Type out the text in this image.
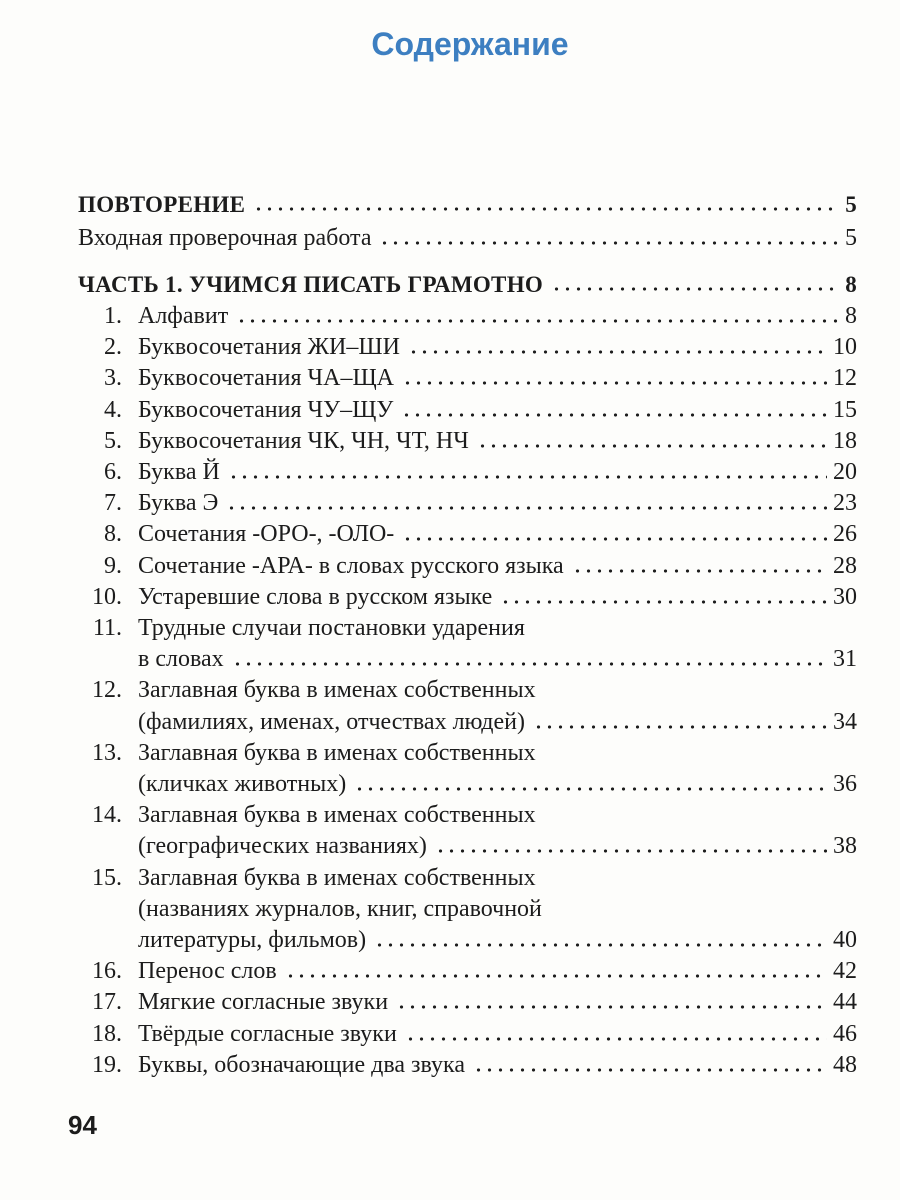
Содержание
ПОВТОРЕНИЕ	5
Входная проверочная работа	5
ЧАСТЬ 1. УЧИМСЯ ПИСАТЬ ГРАМОТНО	8
1. Алфавит	8
2. Буквосочетания ЖИ–ШИ	10
3. Буквосочетания ЧА–ЩА	12
4. Буквосочетания ЧУ–ЩУ	15
5. Буквосочетания ЧК, ЧН, ЧТ, НЧ	18
6. Буква Й	20
7. Буква Э	23
8. Сочетания -ОРО-, -ОЛО-	26
9. Сочетание -АРА- в словах русского языка	28
10. Устаревшие слова в русском языке	30
11. Трудные случаи постановки ударения
в словах	31
12. Заглавная буква в именах собственных
(фамилиях, именах, отчествах людей)	34
13. Заглавная буква в именах собственных
(кличках животных)	36
14. Заглавная буква в именах собственных
(географических названиях)	38
15. Заглавная буква в именах собственных
(названиях журналов, книг, справочной
литературы, фильмов)	40
16. Перенос слов	42
17. Мягкие согласные звуки	44
18. Твёрдые согласные звуки	46
19. Буквы, обозначающие два звука	48
94
